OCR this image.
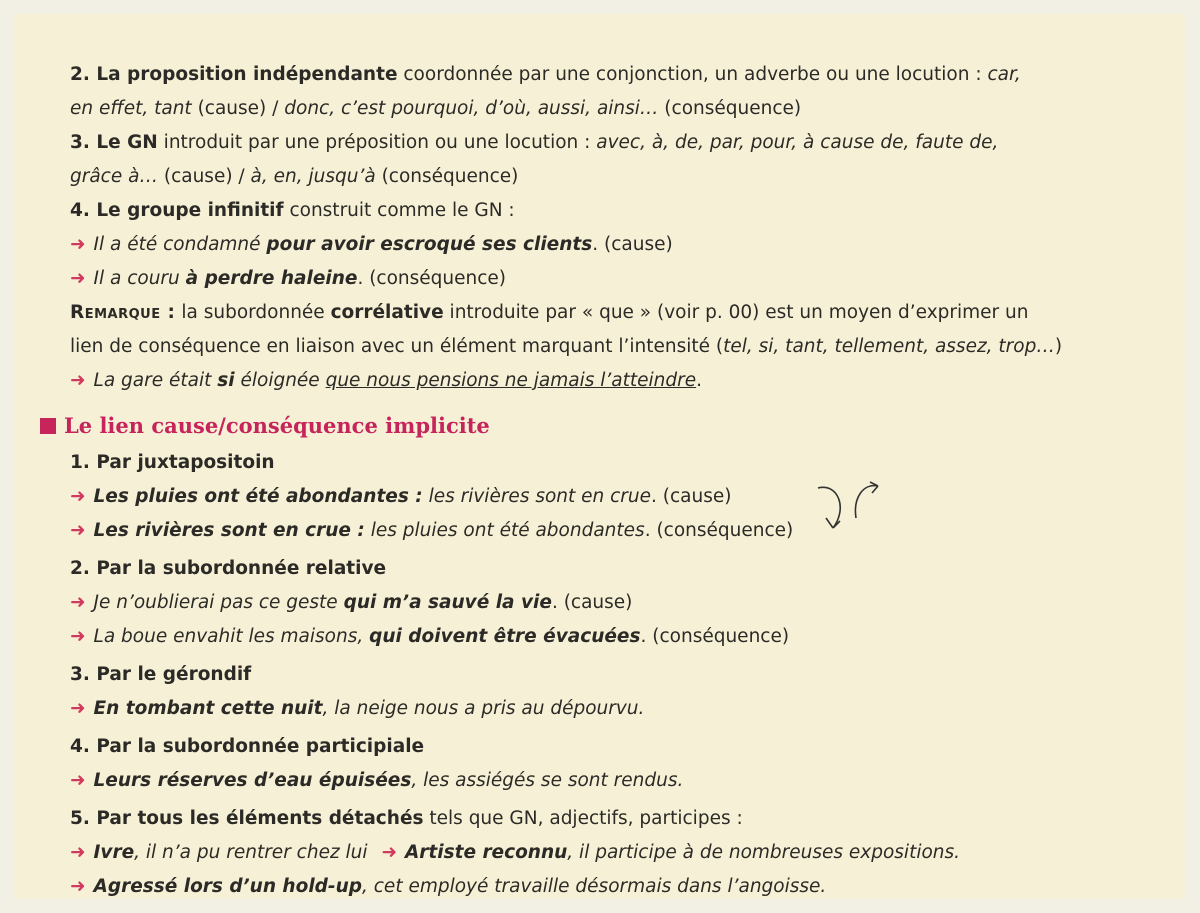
2. La proposition indépendante coordonnée par une conjonction, un adverbe ou une locution : car,
en effet, tant (cause) / donc, c’est pourquoi, d’où, aussi, ainsi… (conséquence)
3. Le GN introduit par une préposition ou une locution : avec, à, de, par, pour, à cause de, faute de,
grâce à… (cause) / à, en, jusqu’à (conséquence)
4. Le groupe infinitif construit comme le GN :
➜ Il a été condamné pour avoir escroqué ses clients. (cause)
➜ Il a couru à perdre haleine. (conséquence)
Remarque : la subordonnée corrélative introduite par « que » (voir p. 00) est un moyen d’exprimer un
lien de conséquence en liaison avec un élément marquant l’intensité (tel, si, tant, tellement, assez, trop…)
➜ La gare était si éloignée que nous pensions ne jamais l’atteindre.
Le lien cause/conséquence implicite
1. Par juxtapositoin
➜ Les pluies ont été abondantes : les rivières sont en crue. (cause)
➜ Les rivières sont en crue : les pluies ont été abondantes. (conséquence)
2. Par la subordonnée relative
➜ Je n’oublierai pas ce geste qui m’a sauvé la vie. (cause)
➜ La boue envahit les maisons, qui doivent être évacuées. (conséquence)
3. Par le gérondif
➜ En tombant cette nuit, la neige nous a pris au dépourvu.
4. Par la subordonnée participiale
➜ Leurs réserves d’eau épuisées, les assiégés se sont rendus.
5. Par tous les éléments détachés tels que GN, adjectifs, participes :
➜ Ivre, il n’a pu rentrer chez lui ➜ Artiste reconnu, il participe à de nombreuses expositions.
➜ Agressé lors d’un hold-up, cet employé travaille désormais dans l’angoisse.
